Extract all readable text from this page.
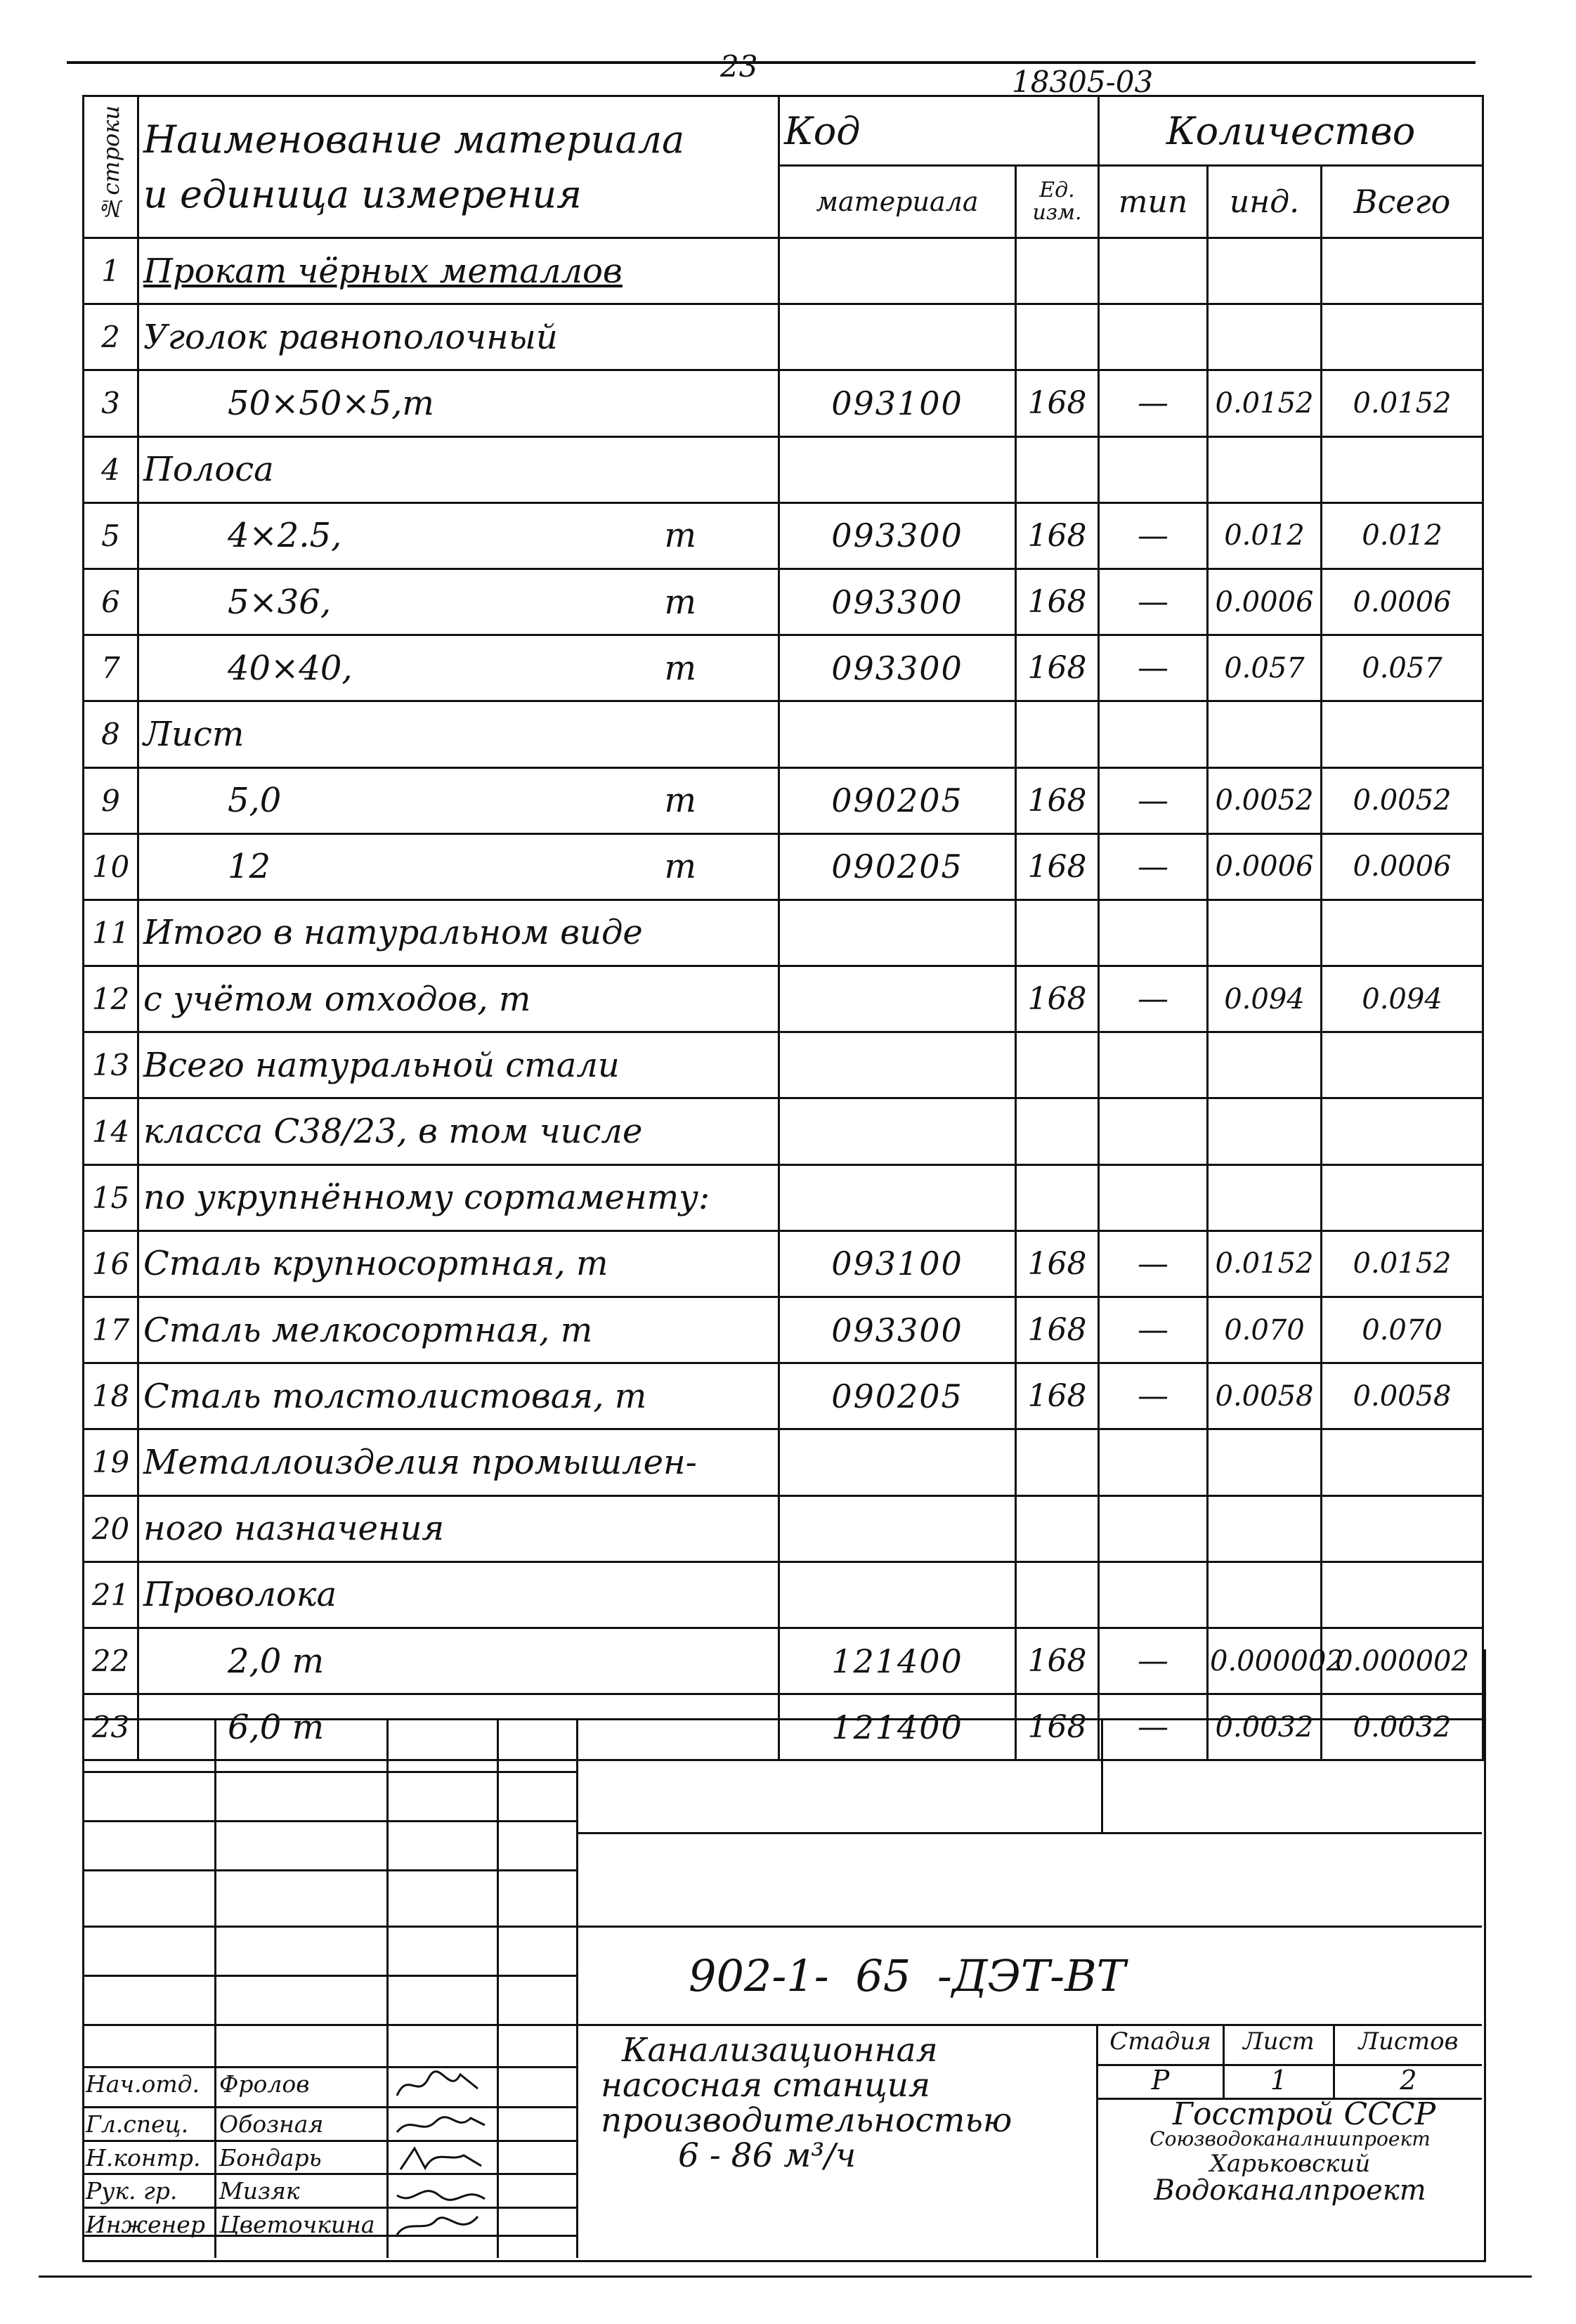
23	18305-03
№строки	Наименование материала
и единица измерения	Код		Количество		
		материала	Ед. изм.	тип	инд.	Всего
1	Прокат чёрных металлов					

2	Уголок равнополочный					

3	50×50×5,т	093100	168	—	0.0152	0.0152
4	Полоса					

5	4×2.5, т	093300	168	—	0.012	0.012
6	5×36, т	093300	168	—	0.0006	0.0006
7	40×40, т	093300	168	—	0.057	0.057
8	Лист					

9	5,0 т	090205	168	—	0.0052	0.0052
10	12 т	090205	168	—	0.0006	0.0006
11	Итого в натуральном виде					

12	с учётом отходов, т		168	—	0.094	0.094
13	Всего натуральной стали					

14	класса С38/23, в том числе					

15	по укрупнённому сортаменту:					

16	Сталь крупносортная, т	093100	168	—	0.0152	0.0152
17	Сталь мелкосортная, т	093300	168	—	0.070	0.070
18	Сталь толстолистовая, т	090205	168	—	0.0058	0.0058
19	Металлоизделия промышлен-					

20	ного назначения					

21	Проволока					

22	2,0 т	121400	168	—	0.000002	0.000002
23	6,0 т	121400	168	—	0.0032	0.0032
902-1- 65 -ДЭТ-ВТ
Канализационная
насосная станция
производительностью
6 - 86 м³/ч
Стадия	Лист	Листов
Р	1	2
Госстрой СССР
Союзводоканалниипроект
Харьковский
Водоканалпроект
Нач.отд. Фролов
Гл.спец. Обозная
Н.контр. Бондарь
Рук. гр. Мизяк
Инженер Цветочкина
